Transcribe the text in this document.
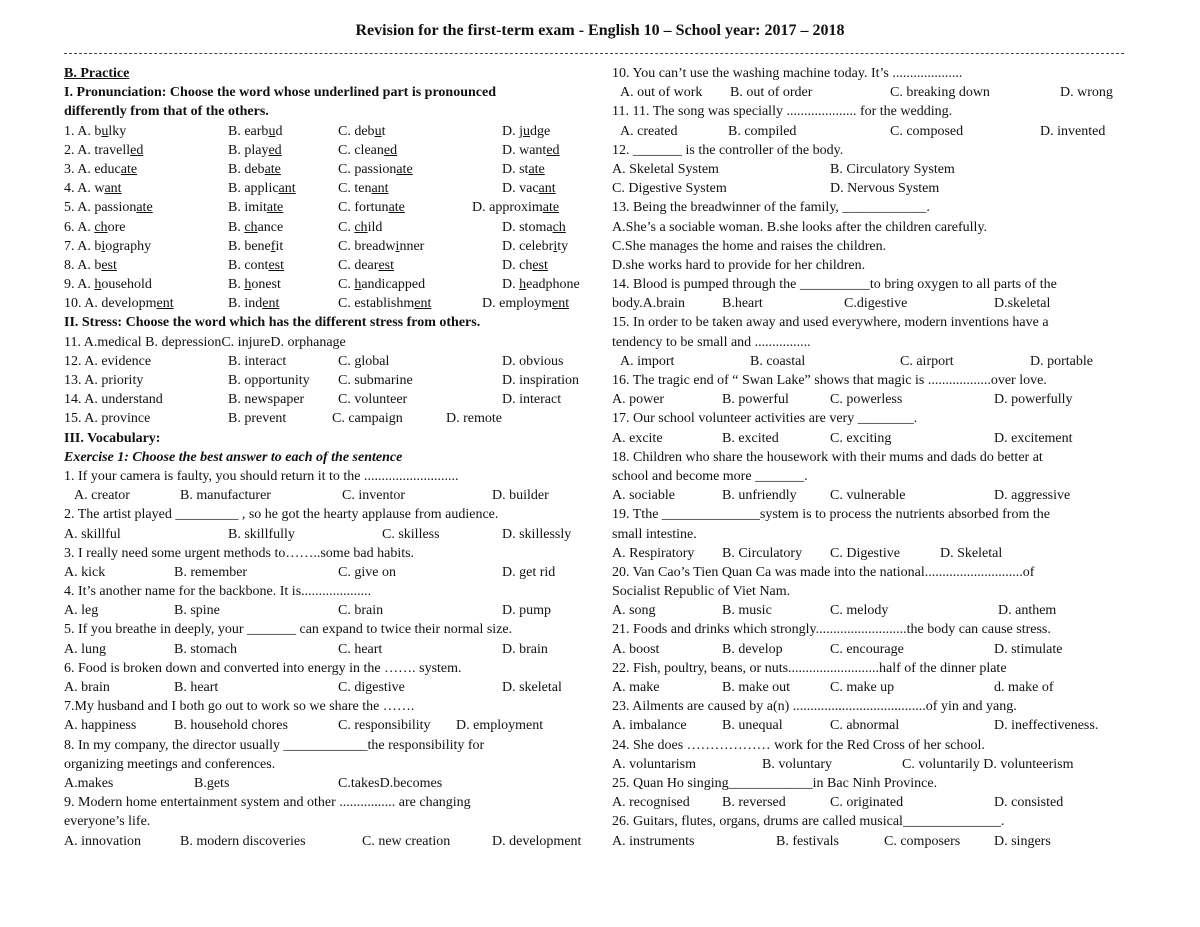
Revision for the first-term exam - English 10 – School year: 2017 – 2018
B. Practice
I. Pronunciation: Choose the word whose underlined part is pronounced
differently from that of the others.
1. A. bulky	B. earbud	C. debut	D. judge
2. A. travelled	B. played	C. cleaned	D. wanted
3. A. educate	B. debate	C. passionate	D. state
4. A. want	B. applicant	C. tenant	D. vacant
5. A. passionate	B. imitate	C. fortunate	D. approximate
6. A. chore	B. chance	C. child	D. stomach
7. A. biography	B. benefit	C. breadwinner	D. celebrity
8. A. best	B. contest	C. dearest	D. chest
9. A. household	B. honest	C. handicapped	D. headphone
10. A. development	B. indent	C. establishment	D. employment
II. Stress: Choose the word which has the different stress from others.
11. A.medical B. depressionC. injureD. orphanage
12. A. evidence	B. interact	C. global	D. obvious
13. A. priority	B. opportunity C. submarine	D. inspiration
14. A. understand	B. newspaper C. volunteer	D. interact
15. A. province	B. prevent	C. campaign	D. remote
III. Vocabulary:
Exercise 1: Choose the best answer to each of the sentence
1. If your camera is faulty, you should return it to the ...........................
A. creator	B. manufacturer	C. inventor	D. builder
2. The artist played _________ , so he got the hearty applause from audience.
A. skillful	B. skillfully	C. skilless	D. skillessly
3. I really need some urgent methods to……..some bad habits.
A. kick	B. remember	C. give on	D. get rid
4. It’s another name for the backbone. It is....................
A. leg	B. spine	C. brain	D. pump
5. If you breathe in deeply, your _______ can expand to twice their normal size.
A. lung	B. stomach	C. heart	D. brain
6. Food is broken down and converted into energy in the ……. system.
A. brain	B. heart	C. digestive	D. skeletal
7.My husband and I both go out to work so we share the …….
A. happiness	B. household chores	C. responsibility D. employment
8. In my company, the director usually ____________the responsibility for
organizing meetings and conferences.
A.makes	B.gets	C.takesD.becomes
9. Modern home entertainment system and other ................ are changing
everyone’s life.
A. innovation	B. modern discoveries	C. new creation	D. development
10. You can’t use the washing machine today. It’s ....................
A. out of work B. out of order	C. breaking down	D. wrong
11. 11. The song was specially .................... for the wedding.
A. created	B. compiled	C. composed	D. invented
12. _______ is the controller of the body.
A. Skeletal System	B. Circulatory System
C. Digestive System	D. Nervous System
13. Being the breadwinner of the family, ____________.
A.She’s a sociable woman. B.she looks after the children carefully.
C.She manages the home and raises the children.
D.she works hard to provide for her children.
14. Blood is pumped through the __________to bring oxygen to all parts of the
body.A.brain	B.heart	C.digestive	D.skeletal
15. In order to be taken away and used everywhere, modern inventions have a
tendency to be small and ................
A. import	B. coastal	C. airport	D. portable
16. The tragic end of “ Swan Lake” shows that magic is ..................over love.
A. power	B. powerful	C. powerless	D. powerfully
17. Our school volunteer activities are very ________.
A. excite	B. excited	C. exciting	D. excitement
18. Children who share the housework with their mums and dads do better at
school and become more _______.
A. sociable	B. unfriendly C. vulnerable	D. aggressive
19. Tthe ______________system is to process the nutrients absorbed from the
small intestine.
A. Respiratory B. Circulatory C. Digestive	D. Skeletal
20. Van Cao’s Tien Quan Ca was made into the national............................of
Socialist Republic of Viet Nam.
A. song	B. music	C. melody	D. anthem
21. Foods and drinks which strongly..........................the body can cause stress.
A. boost	B. develop	C. encourage	D. stimulate
22. Fish, poultry, beans, or nuts..........................half of the dinner plate
A. make	B. make out	C. make up	d. make of
23. Ailments are caused by a(n) ......................................of yin and yang.
A. imbalance	B. unequal	C. abnormal	D. ineffectiveness.
24. She does ……………… work for the Red Cross of her school.
A. voluntarism	B. voluntary	C. voluntarily D. volunteerism
25. Quan Ho singing____________in Bac Ninh Province.
A. recognised B. reversed	C. originated	D. consisted
26. Guitars, flutes, organs, drums are called musical______________.
A. instruments	B. festivals	C. composers D. singers
